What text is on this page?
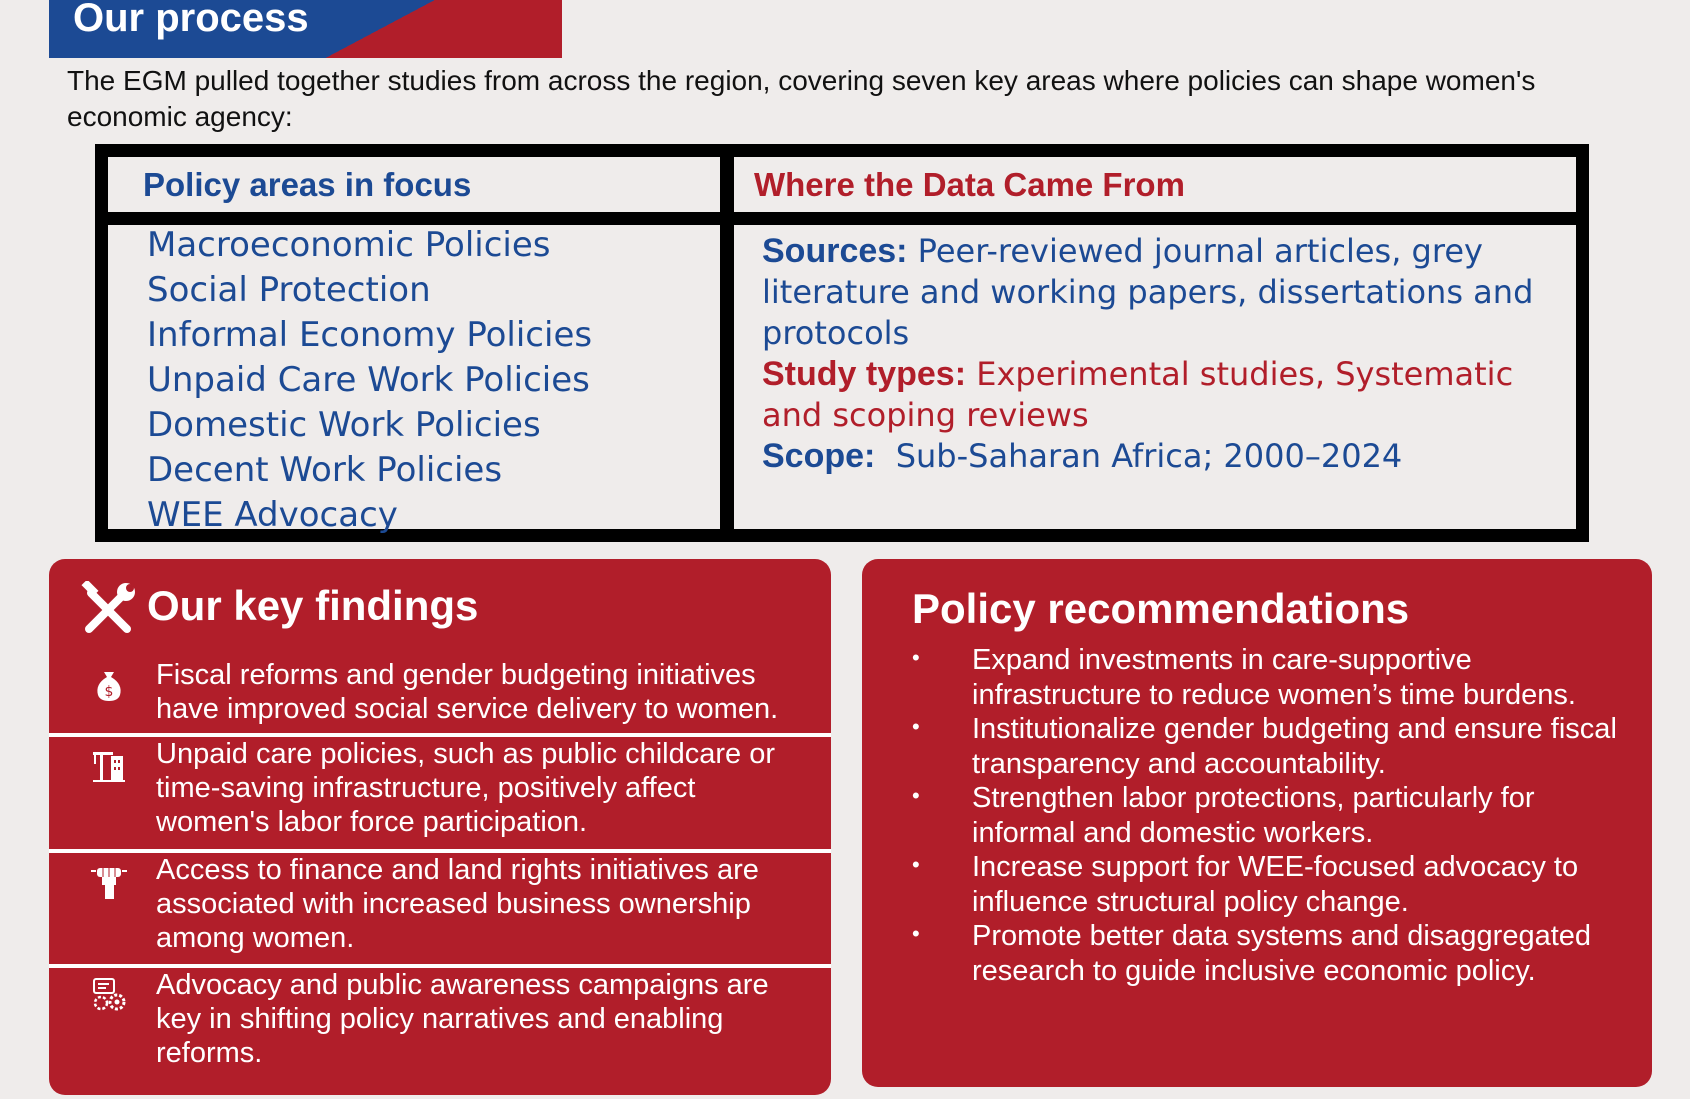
Our process
The EGM pulled together studies from across the region, covering seven key areas where policies can shape women's economic agency:
Policy areas in focus	Where the Data Came From
Macroeconomic Policies
Social Protection
Informal Economy Policies
Unpaid Care Work Policies
Domestic Work Policies
Decent Work Policies
WEE Advocacy
Sources: Peer-reviewed journal articles, grey literature and working papers, dissertations and protocols
Study types: Experimental studies, Systematic and scoping reviews
Scope: Sub-Saharan Africa; 2000–2024
Our key findings
$
Fiscal reforms and gender budgeting initiatives have improved social service delivery to women.
Unpaid care policies, such as public childcare or time-saving infrastructure, positively affect women's labor force participation.
Access to finance and land rights initiatives are associated with increased business ownership among women.
Advocacy and public awareness campaigns are key in shifting policy narratives and enabling reforms.
Policy recommendations
• Expand investments in care-supportive infrastructure to reduce women’s time burdens.
• Institutionalize gender budgeting and ensure fiscal transparency and accountability.
• Strengthen labor protections, particularly for informal and domestic workers.
• Increase support for WEE-focused advocacy to influence structural policy change.
• Promote better data systems and disaggregated research to guide inclusive economic policy.
